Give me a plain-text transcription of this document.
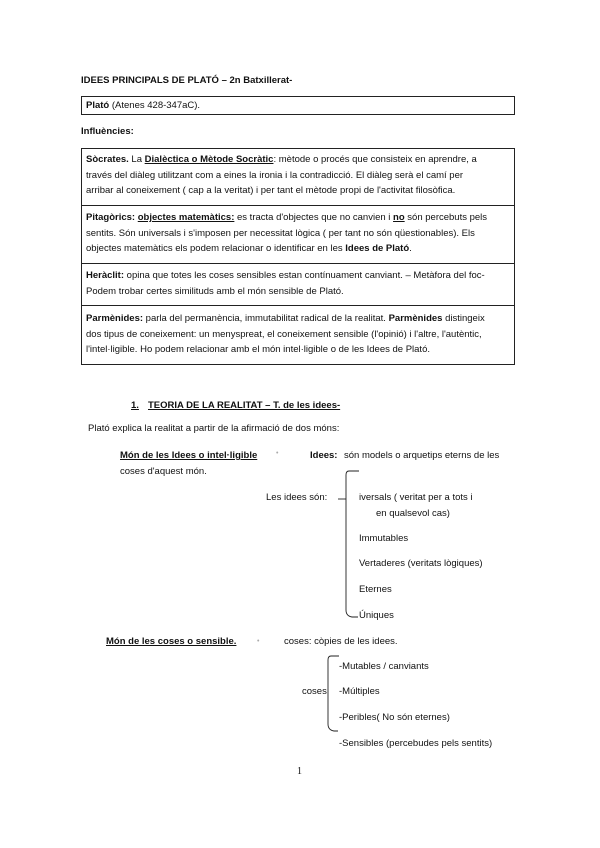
IDEES PRINCIPALS DE PLATÓ – 2n Batxillerat-

Plató (Atenes 428-347aC).

Influències:

Sòcrates. La Dialèctica o Mètode Socràtic: mètode o procés que consisteix en aprendre, a

través del diàleg utilitzant com a eines la ironia i la contradicció. El diàleg serà el camí per

arribar al coneixement ( cap a la veritat) i per tant el mètode propi de l'activitat filosòfica.

Pitagòrics: objectes matemàtics: es tracta d'objectes que no canvien i no són percebuts pels

sentits. Són universals i s'imposen per necessitat lògica ( per tant no són qüestionables). Els

objectes matemàtics els podem relacionar o identificar en les Idees de Plató.

Heràclit: opina que totes les coses sensibles estan contínuament canviant. – Metàfora del foc-

Podem trobar certes similituds amb el món sensible de Plató.

Parmènides: parla del permanència, immutabilitat radical de la realitat. Parmènides distingeix

dos tipus de coneixement: un menyspreat, el coneixement sensible (l'opinió) i l'altre, l'autèntic,

l'intel·ligible. Ho podem relacionar amb el món intel·ligible o de les Idees de Plató.

1. TEORIA DE LA REALITAT – T. de les idees-
Plató explica la realitat a partir de la afirmació de dos móns:
Món de les Idees o intel·ligible	•	Idees: són models o arquetips eterns de les
coses d'aquest món.
Les idees són:	iversals ( veritat per a tots i
en qualsevol cas)
Immutables
Vertaderes (veritats lògiques)
Eternes
Úniques
Món de les coses o sensible.	•	coses: còpies de les idees.
coses
-Mutables / canviants
-Múltiples
-Peribles( No són eternes)
-Sensibles (percebudes pels sentits)
1
